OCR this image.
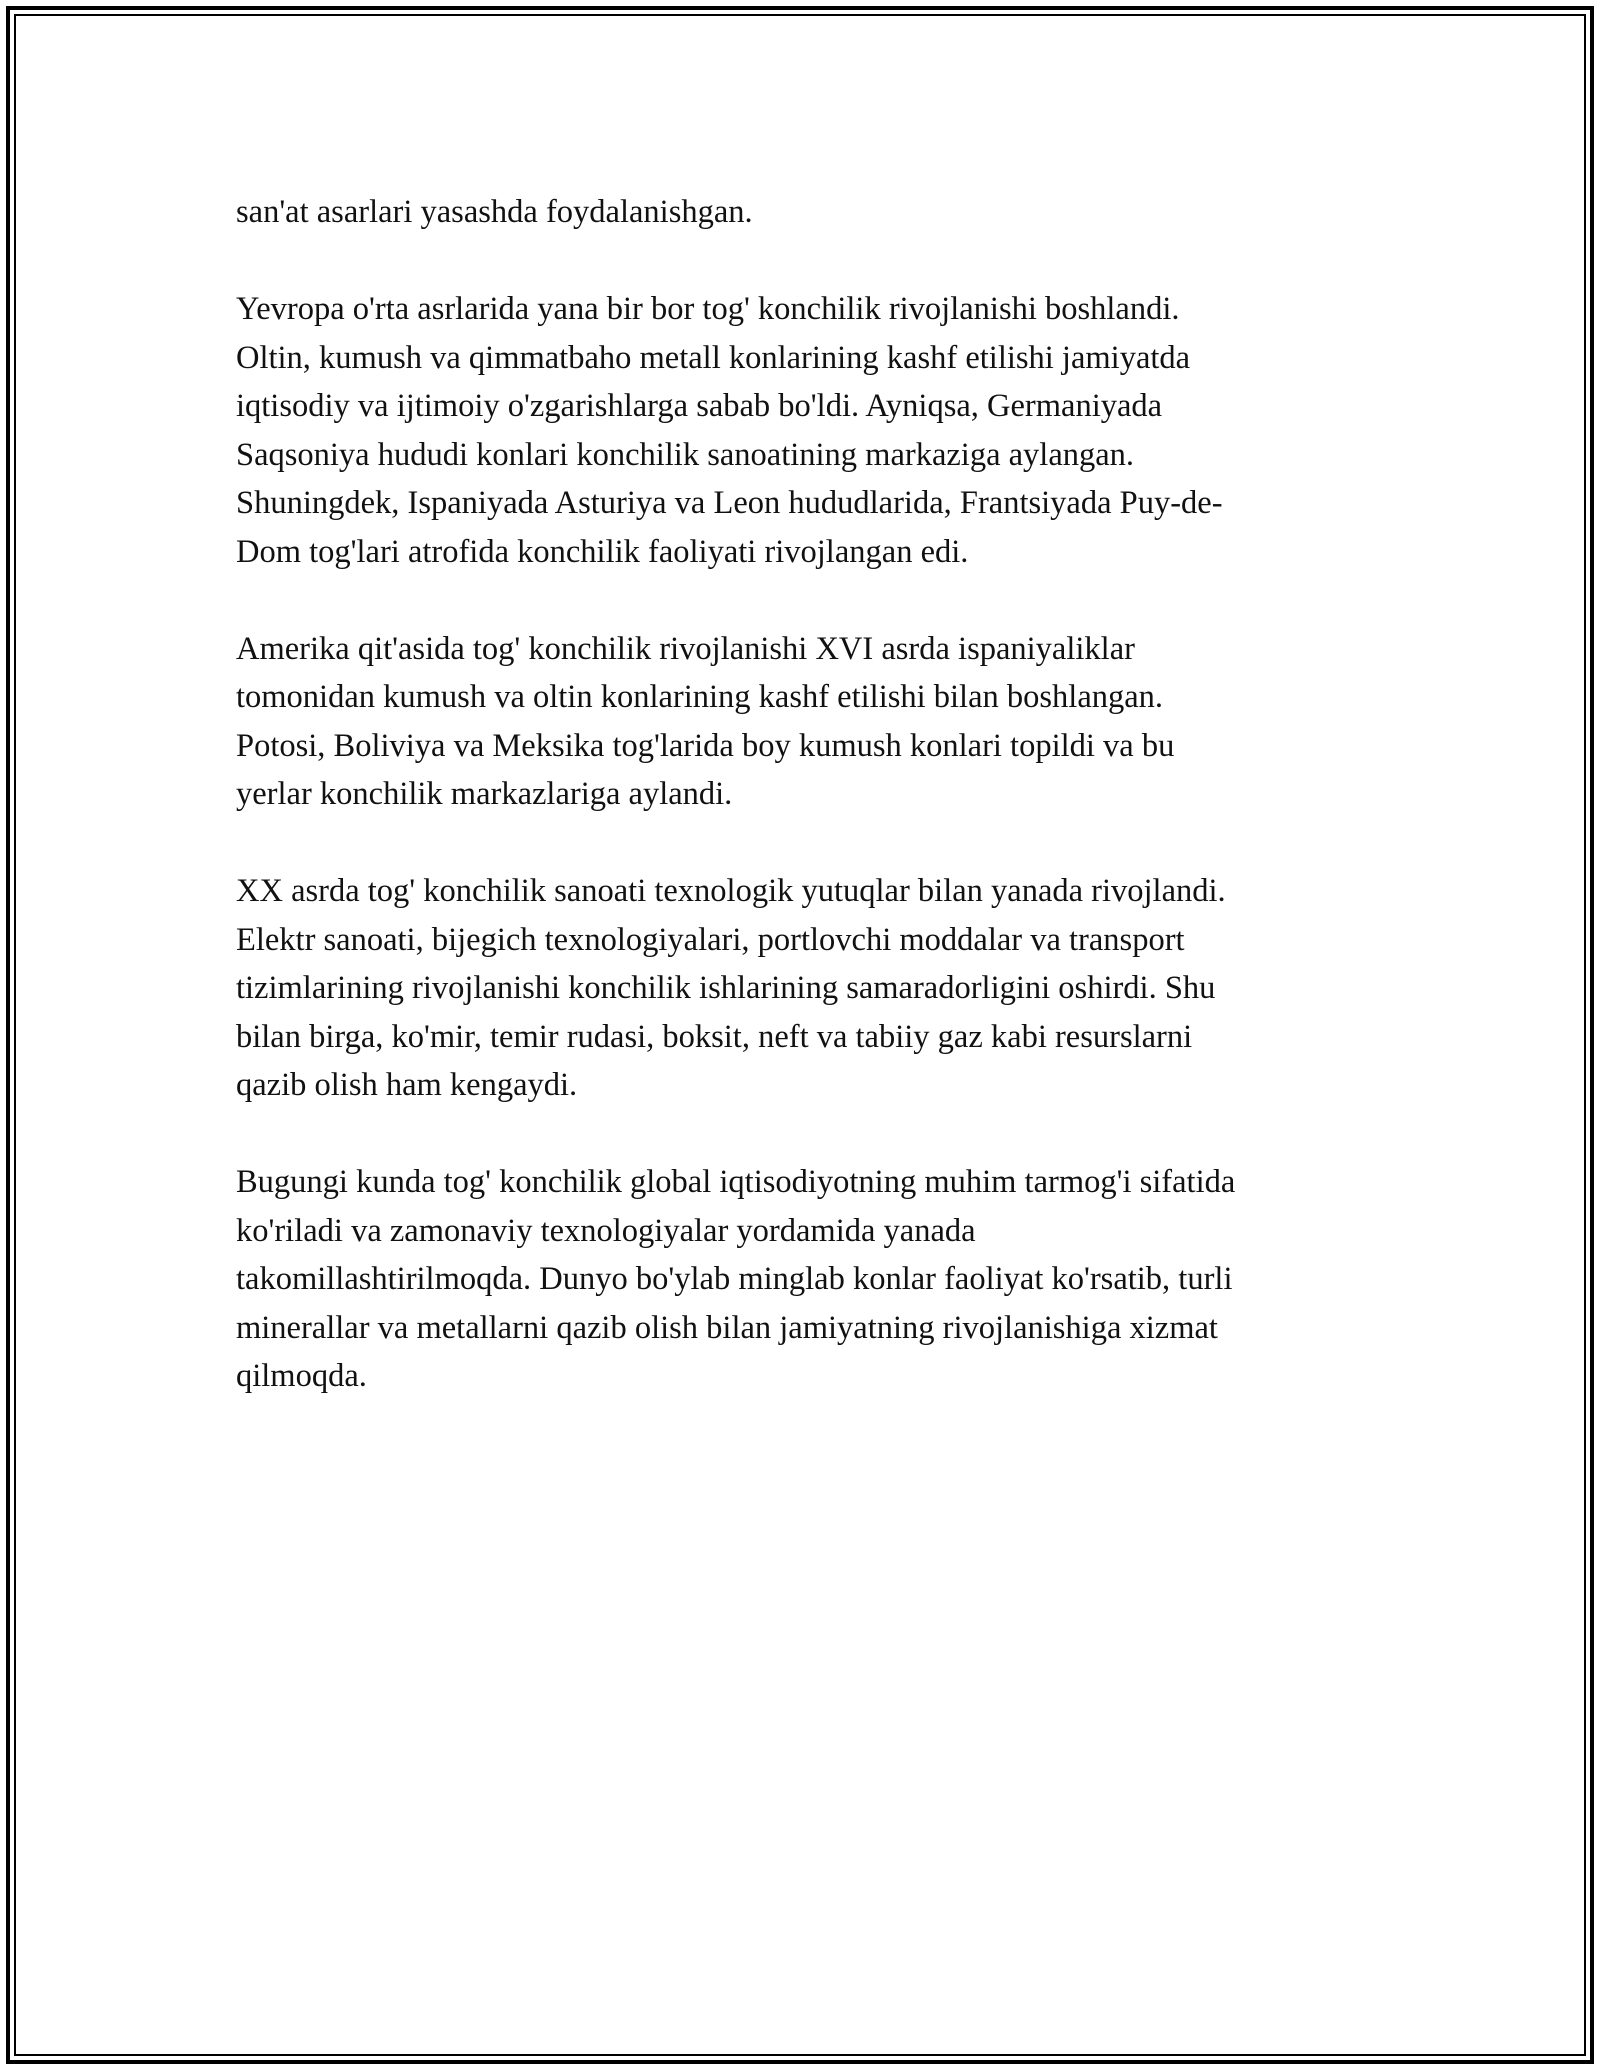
san'at asarlari yasashda foydalanishgan.

Yevropa o'rta asrlarida yana bir bor tog' konchilik rivojlanishi boshlandi.
Oltin, kumush va qimmatbaho metall konlarining kashf etilishi jamiyatda
iqtisodiy va ijtimoiy o'zgarishlarga sabab bo'ldi. Ayniqsa, Germaniyada
Saqsoniya hududi konlari konchilik sanoatining markaziga aylangan.
Shuningdek, Ispaniyada Asturiya va Leon hududlarida, Frantsiyada Puy-de-
Dom tog'lari atrofida konchilik faoliyati rivojlangan edi.

Amerika qit'asida tog' konchilik rivojlanishi XVI asrda ispaniyaliklar
tomonidan kumush va oltin konlarining kashf etilishi bilan boshlangan.
Potosi, Boliviya va Meksika tog'larida boy kumush konlari topildi va bu
yerlar konchilik markazlariga aylandi.

XX asrda tog' konchilik sanoati texnologik yutuqlar bilan yanada rivojlandi.
Elektr sanoati, bijegich texnologiyalari, portlovchi moddalar va transport
tizimlarining rivojlanishi konchilik ishlarining samaradorligini oshirdi. Shu
bilan birga, ko'mir, temir rudasi, boksit, neft va tabiiy gaz kabi resurslarni
qazib olish ham kengaydi.

Bugungi kunda tog' konchilik global iqtisodiyotning muhim tarmog'i sifatida
ko'riladi va zamonaviy texnologiyalar yordamida yanada
takomillashtirilmoqda. Dunyo bo'ylab minglab konlar faoliyat ko'rsatib, turli
minerallar va metallarni qazib olish bilan jamiyatning rivojlanishiga xizmat
qilmoqda.
